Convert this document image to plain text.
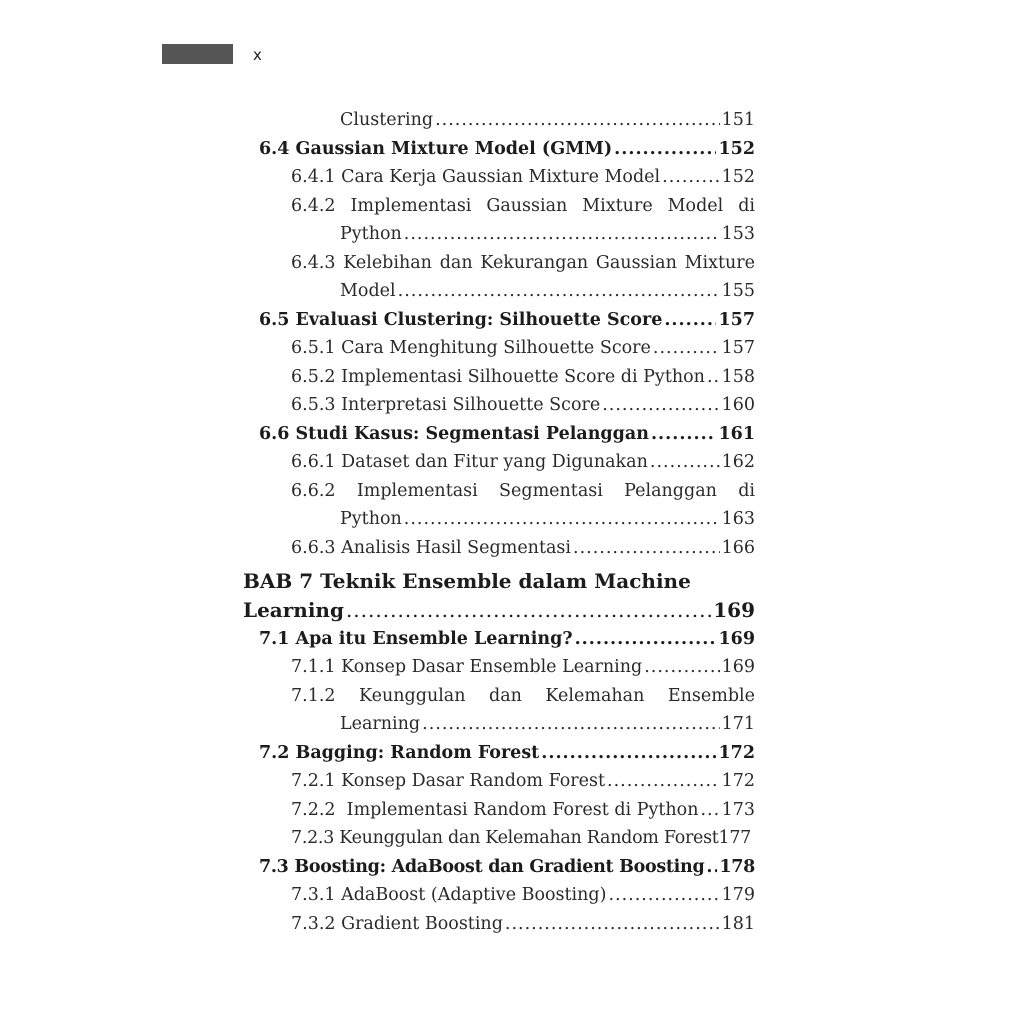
x
Clustering .....	151
6.4 Gaussian Mixture Model (GMM) .....	152
6.4.1 Cara Kerja Gaussian Mixture Model .....	152
6.4.2 Implementasi Gaussian Mixture Model di
Python .....	153
6.4.3 Kelebihan dan Kekurangan Gaussian Mixture
Model .....	155
6.5 Evaluasi Clustering: Silhouette Score .....	157
6.5.1 Cara Menghitung Silhouette Score .....	157
6.5.2 Implementasi Silhouette Score di Python ..... 158
6.5.3 Interpretasi Silhouette Score .....	160
6.6 Studi Kasus: Segmentasi Pelanggan .....	161
6.6.1 Dataset dan Fitur yang Digunakan .....	162
6.6.2 Implementasi Segmentasi Pelanggan di
Python .....	163
6.6.3 Analisis Hasil Segmentasi .....	166
BAB 7 Teknik Ensemble dalam Machine
Learning .....	169
7.1 Apa itu Ensemble Learning? .....	169
7.1.1 Konsep Dasar Ensemble Learning .....	169
7.1.2 Keunggulan dan Kelemahan Ensemble
Learning .....	171
7.2 Bagging: Random Forest .....	172
7.2.1 Konsep Dasar Random Forest .....	172
7.2.2  Implementasi Random Forest di Python ..... 173
7.2.3 Keunggulan dan Kelemahan Random Forest 177
7.3 Boosting: AdaBoost dan Gradient Boosting ..... 178
7.3.1 AdaBoost (Adaptive Boosting) .....	179
7.3.2 Gradient Boosting .....	181
